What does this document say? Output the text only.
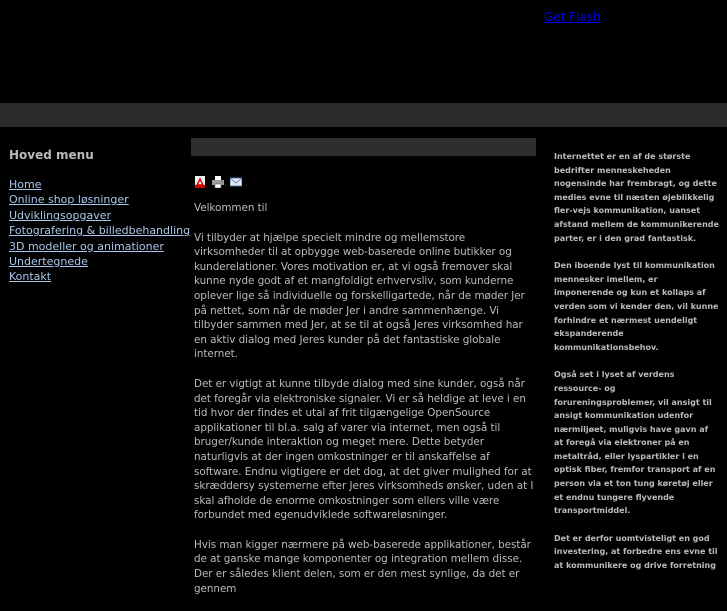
Get Flash
Hoved menu
Home
Online shop løsninger
Udviklingsopgaver
Fotografering & billedbehandling
3D modeller og animationer
Undertegnede
Kontakt

Velkommen til

Vi tilbyder at hjælpe specielt mindre og mellemstore virksomheder til at opbygge web-baserede online butikker og kunderelationer. Vores motivation er, at vi også fremover skal kunne nyde godt af et mangfoldigt erhvervsliv, som kunderne oplever lige så individuelle og forskelligartede, når de møder Jer på nettet, som når de møder Jer i andre sammenhænge. Vi tilbyder sammen med Jer, at se til at også Jeres virksomhed har en aktiv dialog med Jeres kunder på det fantastiske globale internet.

Det er vigtigt at kunne tilbyde dialog med sine kunder, også når det foregår via elektroniske signaler. Vi er så heldige at leve i en tid hvor der findes et utal af frit tilgængelige OpenSource applikationer til bl.a. salg af varer via internet, men også til bruger/kunde interaktion og meget mere. Dette betyder naturligvis at der ingen omkostninger er til anskaffelse af software. Endnu vigtigere er det dog, at det giver mulighed for at skræddersy systemerne efter Jeres virksomheds ønsker, uden at I skal afholde de enorme omkostninger som ellers ville være forbundet med egenudviklede softwareløsninger.

Hvis man kigger nærmere på web-baserede applikationer, består de at ganske mange komponenter og integration mellem disse. Der er således klient delen, som er den mest synlige, da det er gennem

Internettet er en af de største bedrifter menneskeheden nogensinde har frembragt, og dette medies evne til næsten øjeblikkelig fler-vejs kommunikation, uanset afstand mellem de kommunikerende parter, er i den grad fantastisk.

Den iboende lyst til kommunikation mennesker imellem, er imponerende og kun et kollaps af verden som vi kender den, vil kunne forhindre et nærmest uendeligt ekspanderende kommunikationsbehov.

Også set i lyset af verdens ressource- og forureningsproblemer, vil ansigt til ansigt kommunikation udenfor nærmiljøet, muligvis have gavn af at foregå via elektroner på en metaltråd, eller lyspartikler i en optisk fiber, fremfor transport af en person via et ton tung køretøj eller et endnu tungere flyvende transportmiddel.

Det er derfor uomtvisteligt en god investering, at forbedre ens evne til at kommunikere og drive forretning
